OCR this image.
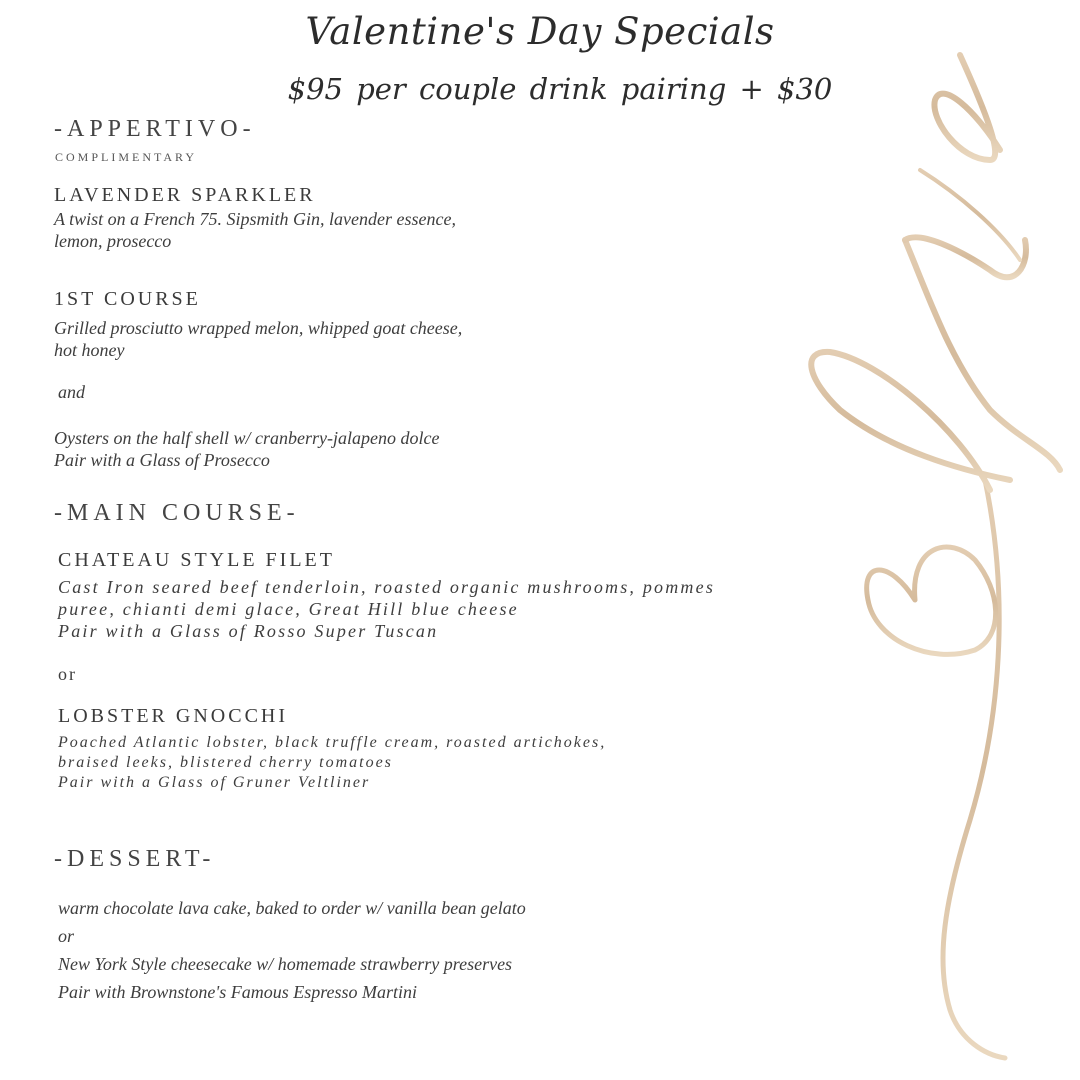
Valentine's Day Specials
$95 per couple drink pairing + $30
-APPERTIVO-
COMPLIMENTARY
LAVENDER SPARKLER
A twist on a French 75. Sipsmith Gin, lavender essence,
lemon, prosecco
1ST COURSE
Grilled prosciutto wrapped melon, whipped goat cheese,
hot honey
and
Oysters on the half shell w/ cranberry-jalapeno dolce
Pair with a Glass of Prosecco
-MAIN COURSE-
CHATEAU STYLE FILET
Cast Iron seared beef tenderloin, roasted organic mushrooms, pommes
puree, chianti demi glace, Great Hill blue cheese
Pair with a Glass of Rosso Super Tuscan
or
LOBSTER GNOCCHI
Poached Atlantic lobster, black truffle cream, roasted artichokes,
braised leeks, blistered cherry tomatoes
Pair with a Glass of Gruner Veltliner
-DESSERT-
warm chocolate lava cake, baked to order w/ vanilla bean gelato
or
New York Style cheesecake w/ homemade strawberry preserves
Pair with Brownstone's Famous Espresso Martini
